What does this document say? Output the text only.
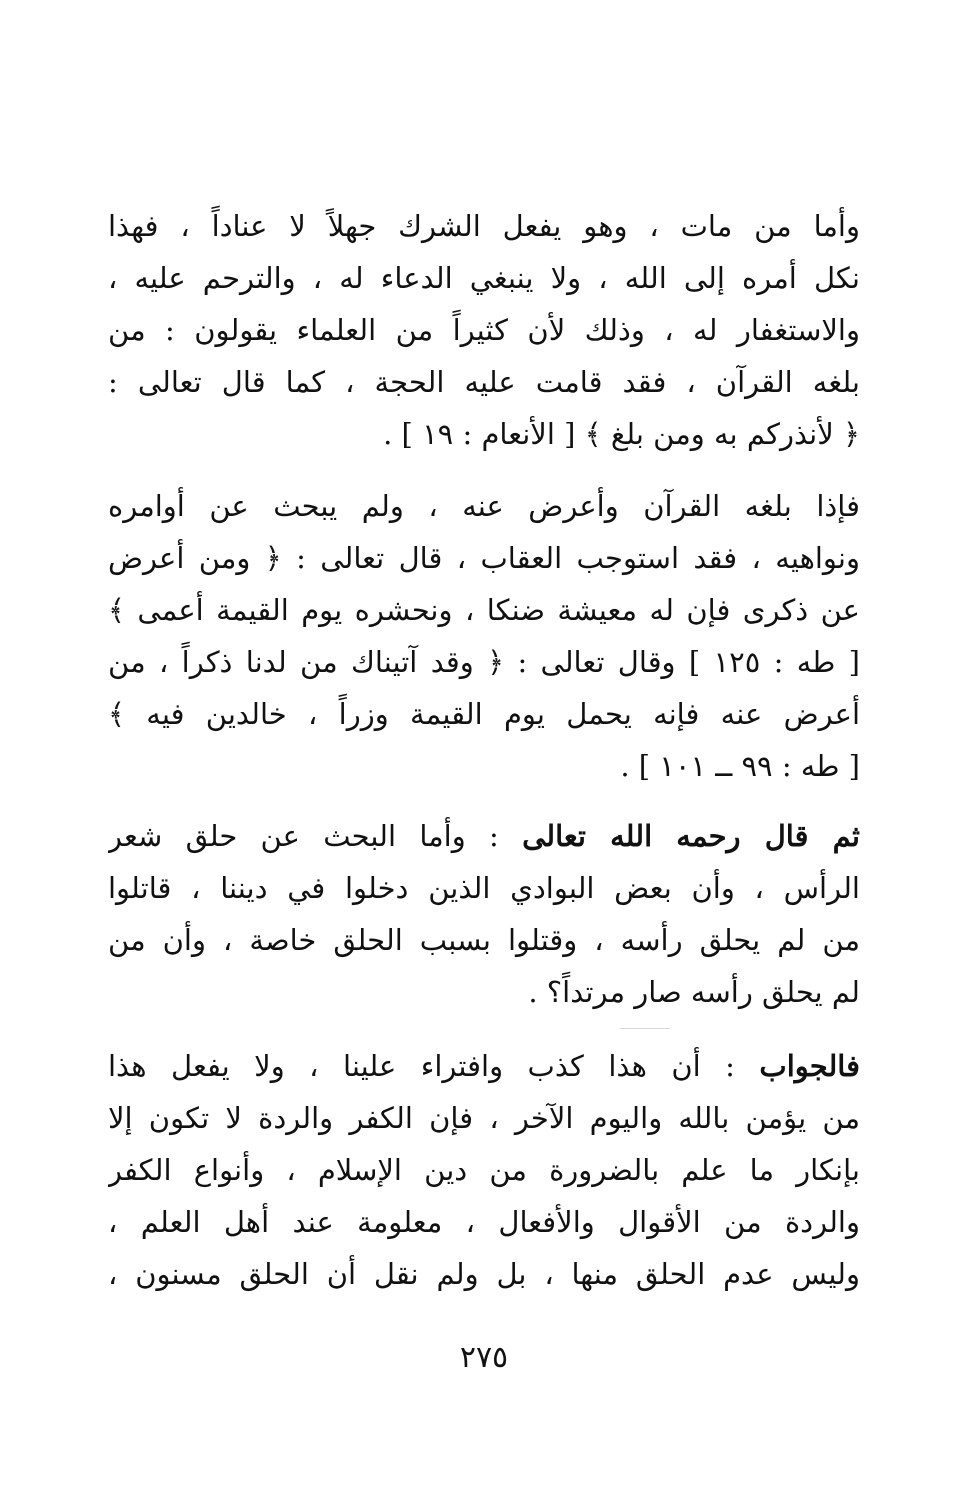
وأما من مات ، وهو يفعل الشرك جهلاً لا عناداً ، فهذا
نكل أمره إلى الله ، ولا ينبغي الدعاء له ، والترحم عليه ،
والاستغفار له ، وذلك لأن كثيراً من العلماء يقولون : من
بلغه القرآن ، فقد قامت عليه الحجة ، كما قال تعالى :
﴿ لأنذركم به ومن بلغ ﴾ [ الأنعام : ١٩ ] .
فإذا بلغه القرآن وأعرض عنه ، ولم يبحث عن أوامره
ونواهيه ، فقد استوجب العقاب ، قال تعالى : ﴿ ومن أعرض
عن ذكرى فإن له معيشة ضنكا ، ونحشره يوم القيمة أعمى ﴾
[ طه : ١٢٥ ] وقال تعالى : ﴿ وقد آتيناك من لدنا ذكراً ، من
أعرض عنه فإنه يحمل يوم القيمة وزراً ، خالدين فيه ﴾
[ طه : ٩٩ ــ ١٠١ ] .
ثم قال رحمه الله تعالى : وأما البحث عن حلق شعر
الرأس ، وأن بعض البوادي الذين دخلوا في ديننا ، قاتلوا
من لم يحلق رأسه ، وقتلوا بسبب الحلق خاصة ، وأن من
لم يحلق رأسه صار مرتداً؟ .
فالجواب : أن هذا كذب وافتراء علينا ، ولا يفعل هذا
من يؤمن بالله واليوم الآخر ، فإن الكفر والردة لا تكون إلا
بإنكار ما علم بالضرورة من دين الإسلام ، وأنواع الكفر
والردة من الأقوال والأفعال ، معلومة عند أهل العلم ،
وليس عدم الحلق منها ، بل ولم نقل أن الحلق مسنون ،
٢٧٥
